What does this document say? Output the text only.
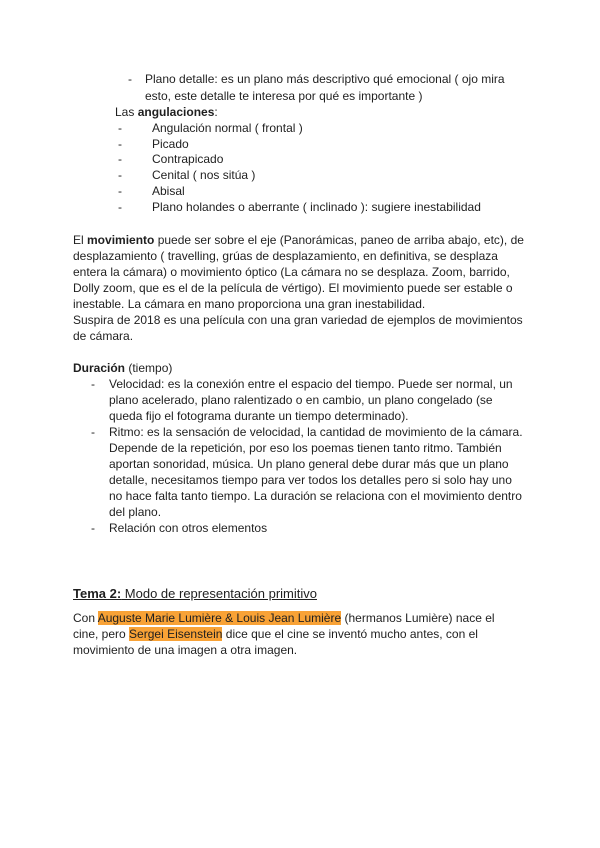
- Plano detalle: es un plano más descriptivo qué emocional ( ojo mira
esto, este detalle te interesa por qué es importante )
Las angulaciones:
-	Angulación normal ( frontal )
-	Picado
-	Contrapicado
-	Cenital ( nos sitúa )
-	Abisal
-	Plano holandes o aberrante ( inclinado ): sugiere inestabilidad
El movimiento puede ser sobre el eje (Panorámicas, paneo de arriba abajo, etc), de
desplazamiento ( travelling, grúas de desplazamiento, en definitiva, se desplaza
entera la cámara) o movimiento óptico (La cámara no se desplaza. Zoom, barrido,
Dolly zoom, que es el de la película de vértigo). El movimiento puede ser estable o
inestable. La cámara en mano proporciona una gran inestabilidad.
Suspira de 2018 es una película con una gran variedad de ejemplos de movimientos
de cámara.
Duración (tiempo)
- Velocidad: es la conexión entre el espacio del tiempo. Puede ser normal, un
plano acelerado, plano ralentizado o en cambio, un plano congelado (se
queda fijo el fotograma durante un tiempo determinado).
- Ritmo: es la sensación de velocidad, la cantidad de movimiento de la cámara.
Depende de la repetición, por eso los poemas tienen tanto ritmo. También
aportan sonoridad, música. Un plano general debe durar más que un plano
detalle, necesitamos tiempo para ver todos los detalles pero si solo hay uno
no hace falta tanto tiempo. La duración se relaciona con el movimiento dentro
del plano.
- Relación con otros elementos
Tema 2: Modo de representación primitivo
Con Auguste Marie Lumière & Louis Jean Lumière (hermanos Lumière) nace el
cine, pero Sergei Eisenstein dice que el cine se inventó mucho antes, con el
movimiento de una imagen a otra imagen.
